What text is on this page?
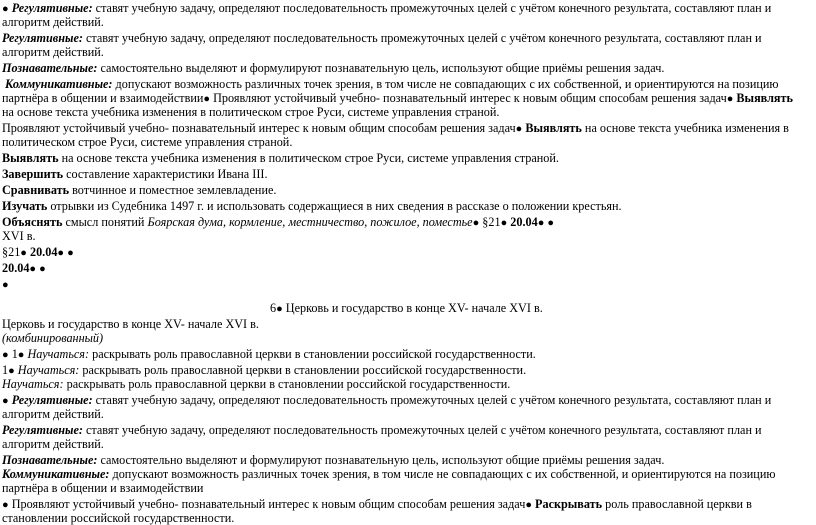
● Регулятивные: ставят учебную задачу, определяют последовательность промежуточных целей с учётом конечного результата, составляют план и
алгоритм действий.
Регулятивные: ставят учебную задачу, определяют последовательность промежуточных целей с учётом конечного результата, составляют план и
алгоритм действий.
Познавательные: самостоятельно выделяют и формулируют познавательную цель, используют общие приёмы решения задач.
Коммуникативные: допускают возможность различных точек зрения, в том числе не совпадающих с их собственной, и ориентируются на позицию
партнёра в общении и взаимодействии● Проявляют устойчивый учебно- познавательный интерес к новым общим способам решения задач● Выявлять
на основе текста учебника изменения в политическом строе Руси, системе управления страной.
Проявляют устойчивый учебно- познавательный интерес к новым общим способам решения задач● Выявлять на основе текста учебника изменения в
политическом строе Руси, системе управления страной.
Выявлять на основе текста учебника изменения в политическом строе Руси, системе управления страной.
Завершить составление характеристики Ивана III.
Сравнивать вотчинное и поместное землевладение.
Изучать отрывки из Судебника 1497 г. и использовать содержащиеся в них сведения в рассказе о положении крестьян.
Объяснять смысл понятий Боярская дума, кормление, местничество, пожилое, поместье● §21● 20.04● ●
XVI в.
§21● 20.04● ●
20.04● ●
●
6● Церковь и государство в конце XV- начале XVI в.
Церковь и государство в конце XV- начале XVI в.
(комбинированный)
● 1● Научаться: раскрывать роль православной церкви в становлении российской государственности.
1● Научаться: раскрывать роль православной церкви в становлении российской государственности.
Научаться: раскрывать роль православной церкви в становлении российской государственности.
● Регулятивные: ставят учебную задачу, определяют последовательность промежуточных целей с учётом конечного результата, составляют план и
алгоритм действий.
Регулятивные: ставят учебную задачу, определяют последовательность промежуточных целей с учётом конечного результата, составляют план и
алгоритм действий.
Познавательные: самостоятельно выделяют и формулируют познавательную цель, используют общие приёмы решения задач.
Коммуникативные: допускают возможность различных точек зрения, в том числе не совпадающих с их собственной, и ориентируются на позицию
партнёра в общении и взаимодействии
● Проявляют устойчивый учебно- познавательный интерес к новым общим способам решения задач● Раскрывать роль православной церкви в
становлении российской государственности.
